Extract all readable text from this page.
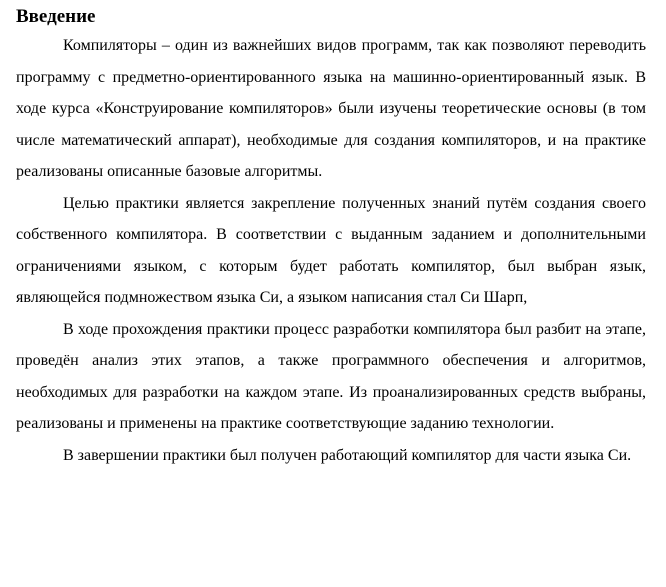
Введение

Компиляторы – один из важнейших видов программ, так как позволяют переводить программу с предметно-ориентированного языка на машинно-ориентированный язык. В ходе курса «Конструирование компиляторов» были изучены теоретические основы (в том числе математический аппарат), необходимые для создания компиляторов, и на практике реализованы описанные базовые алгоритмы.

Целью практики является закрепление полученных знаний путём создания своего собственного компилятора. В соответствии с выданным заданием и дополнительными ограничениями языком, с которым будет работать компилятор, был выбран язык, являющейся подмножеством языка Си, а языком написания стал Си Шарп,

В ходе прохождения практики процесс разработки компилятора был разбит на этапе, проведён анализ этих этапов, а также программного обеспечения и алгоритмов, необходимых для разработки на каждом этапе. Из проанализированных средств выбраны, реализованы и применены на практике соответствующие заданию технологии.

В завершении практики был получен работающий компилятор для части языка Си.
